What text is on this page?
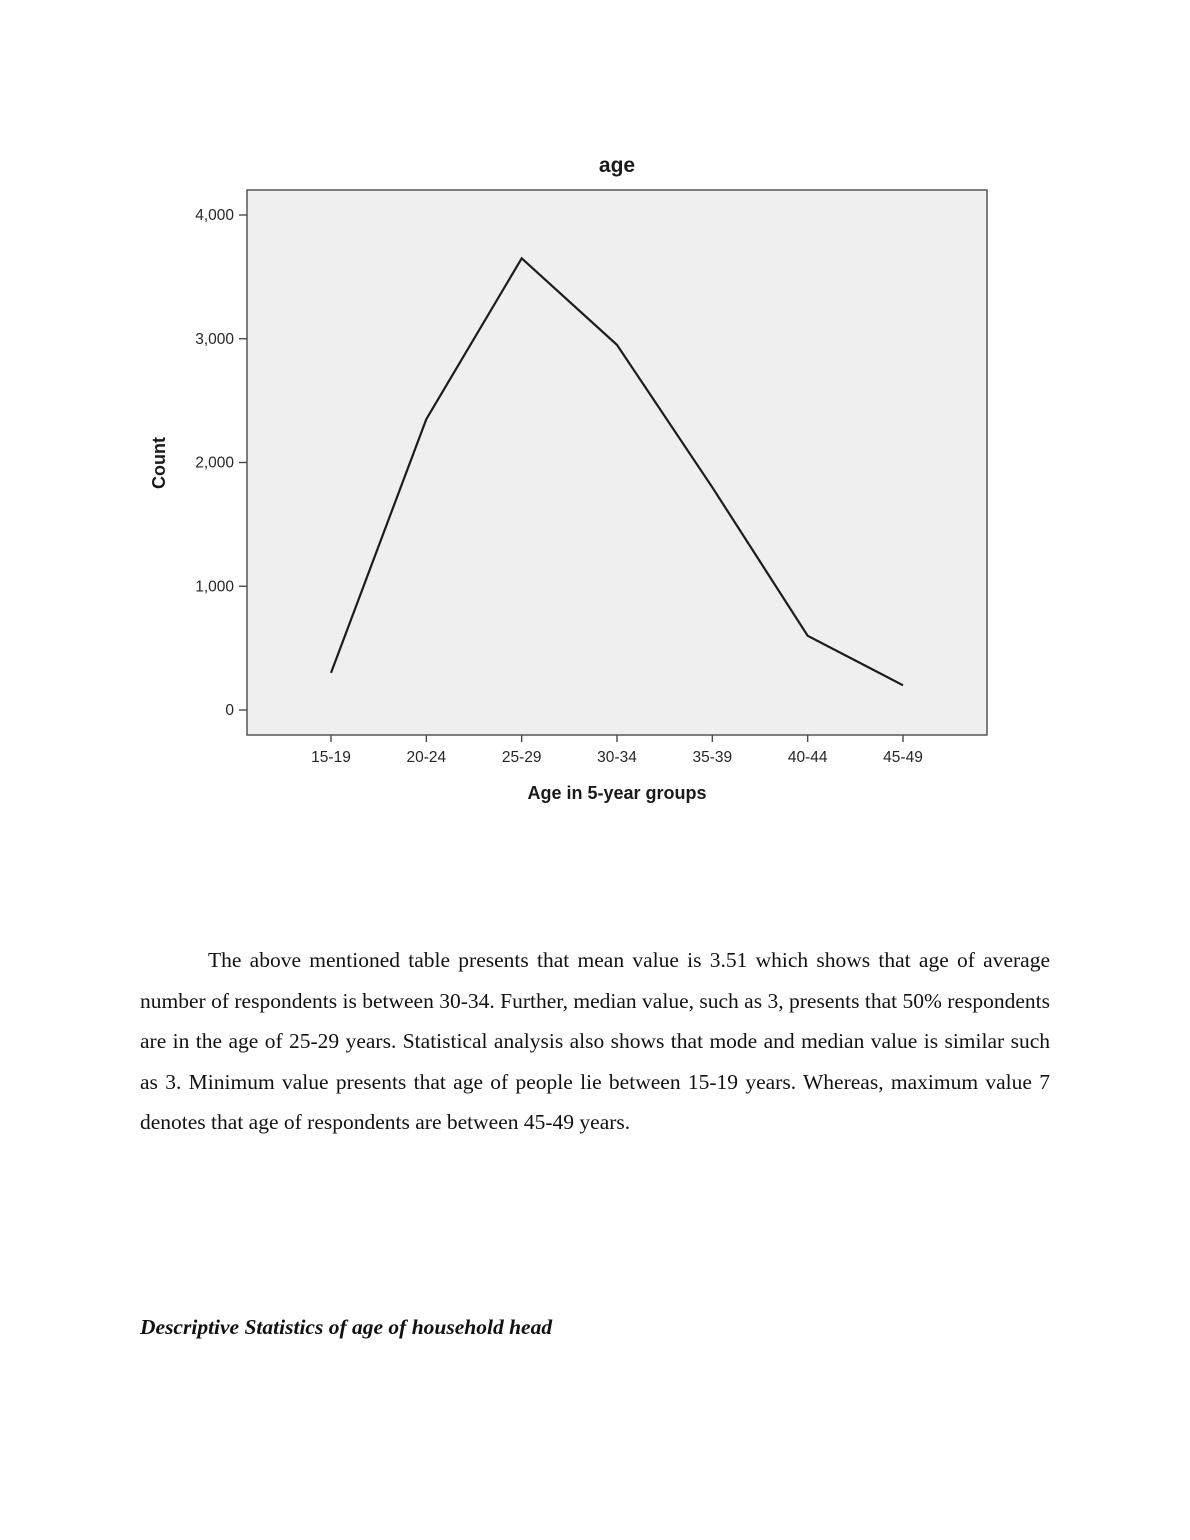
age
Age in 5-year groups
Count
0
1,000
2,000
3,000
4,000
15-19	20-24	25-29	30-34	35-39	40-44	45-49

The above mentioned table presents that mean value is 3.51 which shows that age of average number of respondents is between 30-34. Further, median value, such as 3, presents that 50% respondents are in the age of 25-29 years. Statistical analysis also shows that mode and median value is similar such as 3. Minimum value presents that age of people lie between 15-19 years. Whereas, maximum value 7 denotes that age of respondents are between 45-49 years.

Descriptive Statistics of age of household head
